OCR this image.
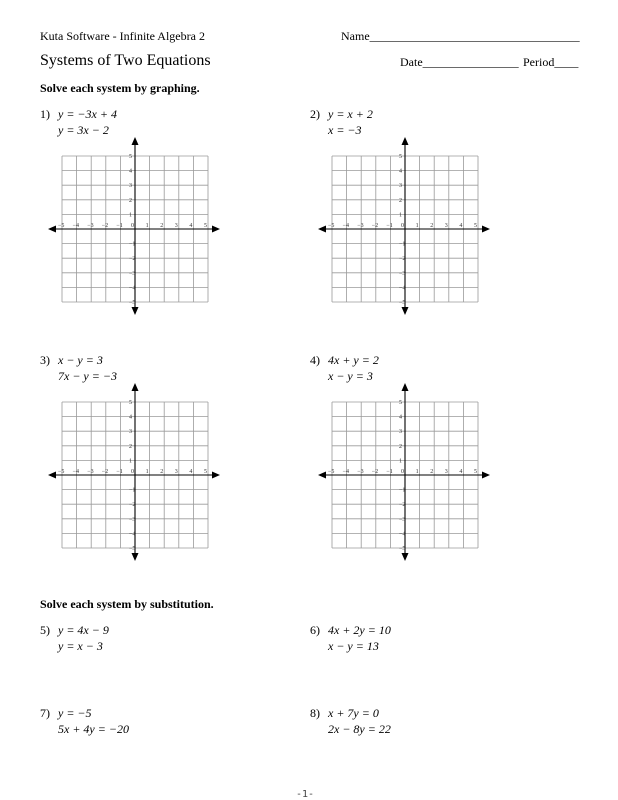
Kuta Software - Infinite Algebra 2	Name___________________________________
Systems of Two Equations	Date________________ Period____
Solve each system by graphing.
1) y = −3x + 4
y = 3x − 2
2) y = x + 2
x = −3
3) x − y = 3
7x − y = −3
4) 4x + y = 2
x − y = 3
−5 −4 −3 −2 −1 0 1 2 3 4 5
5
4
3
2
1
−1
−2
−3
−4
−5
−5 −4 −3 −2 −1 0 1 2 3 4 5
5
4
3
2
1
−1
−2
−3
−4
−5
−5 −4 −3 −2 −1 0 1 2 3 4 5
5
4
3
2
1
−1
−2
−3
−4
−5
−5 −4 −3 −2 −1 0 1 2 3 4 5
5
4
3
2
1
−1
−2
−3
−4
−5
Solve each system by substitution.
5) y = 4x − 9
y = x − 3
6) 4x + 2y = 10
x − y = 13
7) y = −5
5x + 4y = −20
8) x + 7y = 0
2x − 8y = 22
-1-
